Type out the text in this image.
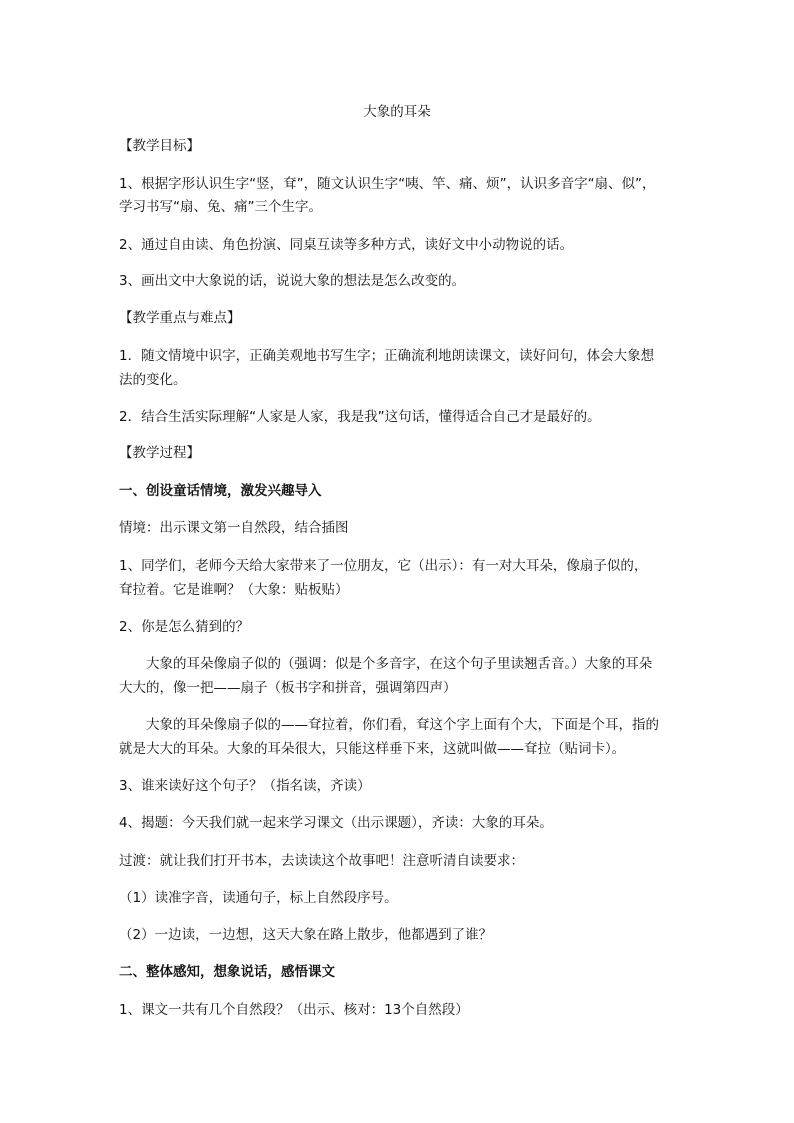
大象的耳朵
【教学目标】
1、根据字形认识生字“竖，耷”，随文认识生字“咦、竿、痛、烦”，认识多音字“扇、似”，
学习书写“扇、兔、痛”三个生字。
2、通过自由读、角色扮演、同桌互读等多种方式，读好文中小动物说的话。
3、画出文中大象说的话，说说大象的想法是怎么改变的。
【教学重点与难点】
1．随文情境中识字，正确美观地书写生字；正确流利地朗读课文，读好问句，体会大象想
法的变化。
2．结合生活实际理解“人家是人家，我是我”这句话，懂得适合自己才是最好的。
【教学过程】
一、创设童话情境，激发兴趣导入
情境：出示课文第一自然段，结合插图
1、同学们，老师今天给大家带来了一位朋友，它（出示）：有一对大耳朵，像扇子似的，
耷拉着。它是谁啊？（大象：贴板贴）
2、你是怎么猜到的？
大象的耳朵像扇子似的（强调：似是个多音字，在这个句子里读翘舌音。）大象的耳朵
大大的，像一把——扇子（板书字和拼音，强调第四声）
大象的耳朵像扇子似的——耷拉着，你们看，耷这个字上面有个大，下面是个耳，指的
就是大大的耳朵。大象的耳朵很大，只能这样垂下来，这就叫做——耷拉（贴词卡）。
3、谁来读好这个句子？（指名读，齐读）
4、揭题：今天我们就一起来学习课文（出示课题），齐读：大象的耳朵。
过渡：就让我们打开书本，去读读这个故事吧！注意听清自读要求：
（1）读准字音，读通句子，标上自然段序号。
（2）一边读，一边想，这天大象在路上散步，他都遇到了谁？
二、整体感知，想象说话，感悟课文
1、课文一共有几个自然段？（出示、核对：13个自然段）
